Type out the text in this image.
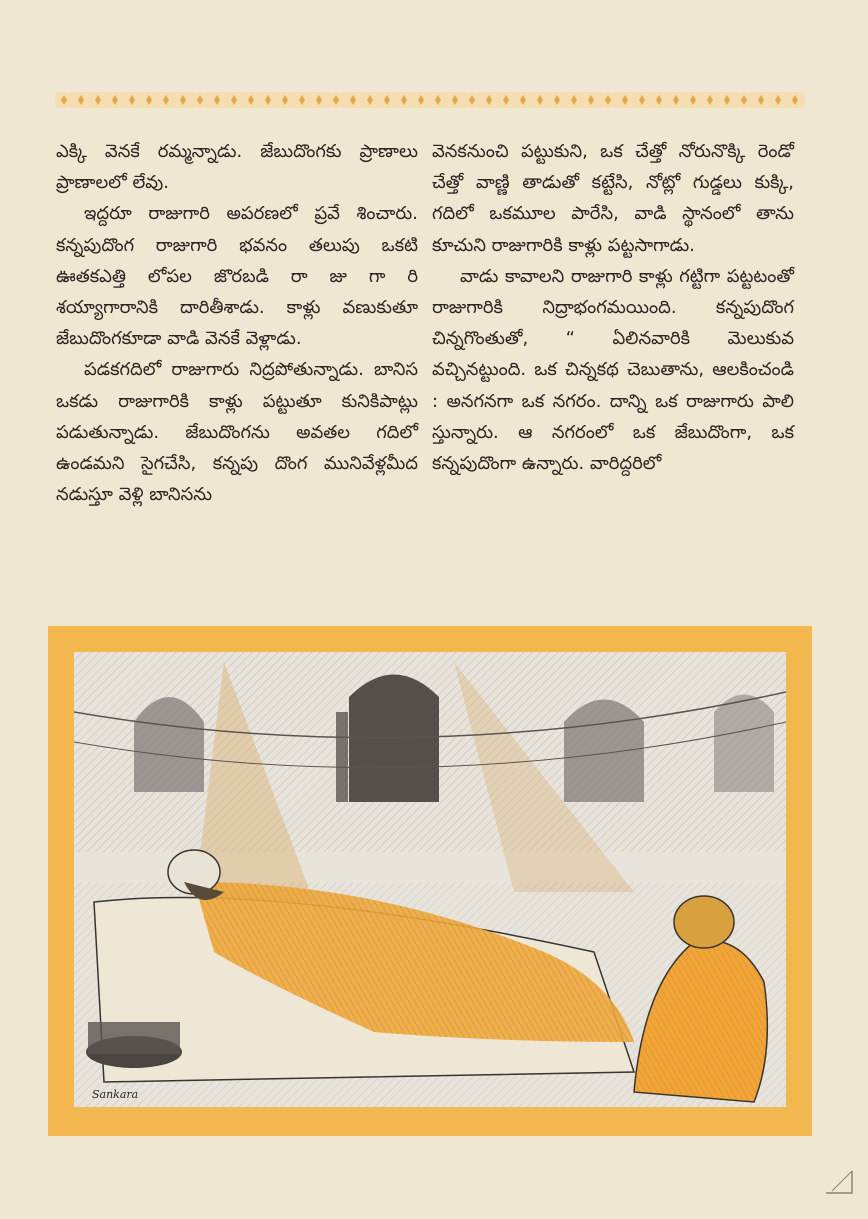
ఎక్కి వెనకే రమ్మన్నాడు. జేబుదొంగకు ప్రాణాలు ప్రాణాలలో లేవు.

ఇద్దరూ రాజుగారి అపరణలో ప్రవే శించారు. కన్నపుదొంగ రాజుగారి భవనం తలుపు ఒకటి ఊతకఎత్తి లోపల జొరబడి రా జు గా రి శయ్యాగారానికి దారితీశాడు. కాళ్లు వణుకుతూ జేబుదొంగకూడా వాడి వెనకే వెళ్లాడు.

పడకగదిలో రాజుగారు నిద్రపోతున్నాడు. బానిస ఒకడు రాజుగారికి కాళ్లు పట్టుతూ కునికిపాట్లు పడుతున్నాడు. జేబుదొంగను అవతల గదిలో ఉండమని సైగచేసి, కన్నపు దొంగ మునివేళ్లమీద నడుస్తూ వెళ్లి బానిసను

వెనకనుంచి పట్టుకుని, ఒక చేత్తో నోరునొక్కి రెండో చేత్తో వాణ్ణి తాడుతో కట్టేసి, నోట్లో గుడ్డలు కుక్కి, గదిలో ఒకమూల పారేసి, వాడి స్థానంలో తాను కూచుని రాజుగారికి కాళ్లు పట్టసాగాడు.

వాడు కావాలని రాజుగారి కాళ్లు గట్టిగా పట్టటంతో రాజుగారికి నిద్రాభంగమయింది. కన్నపుదొంగ చిన్నగొంతుతో, “ ఏలినవారికి మెలుకువ వచ్చినట్టుంది. ఒక చిన్నకథ చెబుతాను, ఆలకించండి : అనగనగా ఒక నగరం. దాన్ని ఒక రాజుగారు పాలి స్తున్నారు. ఆ నగరంలో ఒక జేబుదొంగా, ఒక కన్నపుదొంగా ఉన్నారు. వారిద్దరిలో

Sankara
